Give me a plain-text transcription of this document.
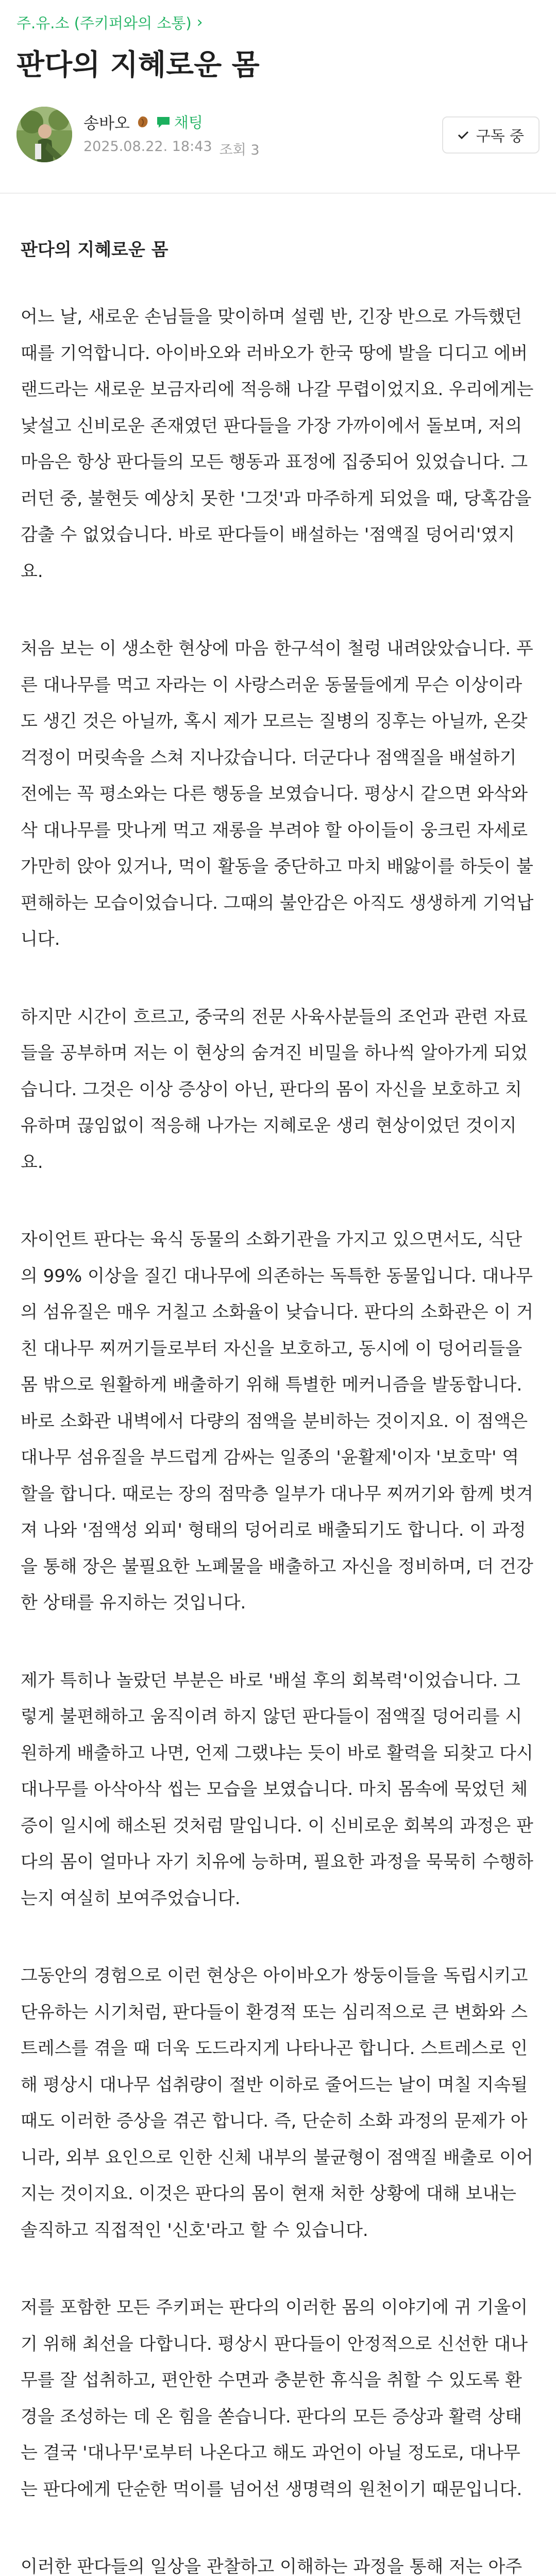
주.유.소 (주키퍼와의 소통) ›
판다의 지혜로운 몸
송바오	채팅
2025.08.22. 18:43 조회 3
구독 중

판다의 지혜로운 몸

어느 날, 새로운 손님들을 맞이하며 설렘 반, 긴장 반으로 가득했던 때를 기억합니다. 아이바오와 러바오가 한국 땅에 발을 디디고 에버랜드라는 새로운 보금자리에 적응해 나갈 무렵이었지요. 우리에게는 낯설고 신비로운 존재였던 판다들을 가장 가까이에서 돌보며, 저의 마음은 항상 판다들의 모든 행동과 표정에 집중되어 있었습니다. 그러던 중, 불현듯 예상치 못한 '그것'과 마주하게 되었을 때, 당혹감을 감출 수 없었습니다. 바로 판다들이 배설하는 '점액질 덩어리'였지요.

처음 보는 이 생소한 현상에 마음 한구석이 철렁 내려앉았습니다. 푸른 대나무를 먹고 자라는 이 사랑스러운 동물들에게 무슨 이상이라도 생긴 것은 아닐까, 혹시 제가 모르는 질병의 징후는 아닐까, 온갖 걱정이 머릿속을 스쳐 지나갔습니다. 더군다나 점액질을 배설하기 전에는 꼭 평소와는 다른 행동을 보였습니다. 평상시 같으면 와삭와삭 대나무를 맛나게 먹고 재롱을 부려야 할 아이들이 웅크린 자세로 가만히 앉아 있거나, 먹이 활동을 중단하고 마치 배앓이를 하듯이 불편해하는 모습이었습니다. 그때의 불안감은 아직도 생생하게 기억납니다.

하지만 시간이 흐르고, 중국의 전문 사육사분들의 조언과 관련 자료들을 공부하며 저는 이 현상의 숨겨진 비밀을 하나씩 알아가게 되었습니다. 그것은 이상 증상이 아닌, 판다의 몸이 자신을 보호하고 치유하며 끊임없이 적응해 나가는 지혜로운 생리 현상이었던 것이지요.

자이언트 판다는 육식 동물의 소화기관을 가지고 있으면서도, 식단의 99% 이상을 질긴 대나무에 의존하는 독특한 동물입니다. 대나무의 섬유질은 매우 거칠고 소화율이 낮습니다. 판다의 소화관은 이 거친 대나무 찌꺼기들로부터 자신을 보호하고, 동시에 이 덩어리들을 몸 밖으로 원활하게 배출하기 위해 특별한 메커니즘을 발동합니다. 바로 소화관 내벽에서 다량의 점액을 분비하는 것이지요. 이 점액은 대나무 섬유질을 부드럽게 감싸는 일종의 '윤활제'이자 '보호막' 역할을 합니다. 때로는 장의 점막층 일부가 대나무 찌꺼기와 함께 벗겨져 나와 '점액성 외피' 형태의 덩어리로 배출되기도 합니다. 이 과정을 통해 장은 불필요한 노폐물을 배출하고 자신을 정비하며, 더 건강한 상태를 유지하는 것입니다.

제가 특히나 놀랐던 부분은 바로 '배설 후의 회복력'이었습니다. 그렇게 불편해하고 움직이려 하지 않던 판다들이 점액질 덩어리를 시원하게 배출하고 나면, 언제 그랬냐는 듯이 바로 활력을 되찾고 다시 대나무를 아삭아삭 씹는 모습을 보였습니다. 마치 몸속에 묵었던 체증이 일시에 해소된 것처럼 말입니다. 이 신비로운 회복의 과정은 판다의 몸이 얼마나 자기 치유에 능하며, 필요한 과정을 묵묵히 수행하는지 여실히 보여주었습니다.

그동안의 경험으로 이런 현상은 아이바오가 쌍둥이들을 독립시키고 단유하는 시기처럼, 판다들이 환경적 또는 심리적으로 큰 변화와 스트레스를 겪을 때 더욱 도드라지게 나타나곤 합니다. 스트레스로 인해 평상시 대나무 섭취량이 절반 이하로 줄어드는 날이 며칠 지속될 때도 이러한 증상을 겪곤 합니다. 즉, 단순히 소화 과정의 문제가 아니라, 외부 요인으로 인한 신체 내부의 불균형이 점액질 배출로 이어지는 것이지요. 이것은 판다의 몸이 현재 처한 상황에 대해 보내는 솔직하고 직접적인 '신호'라고 할 수 있습니다.

저를 포함한 모든 주키퍼는 판다의 이러한 몸의 이야기에 귀 기울이기 위해 최선을 다합니다. 평상시 판다들이 안정적으로 신선한 대나무를 잘 섭취하고, 편안한 수면과 충분한 휴식을 취할 수 있도록 환경을 조성하는 데 온 힘을 쏟습니다. 판다의 모든 증상과 활력 상태는 결국 '대나무'로부터 나온다고 해도 과언이 아닐 정도로, 대나무는 판다에게 단순한 먹이를 넘어선 생명력의 원천이기 때문입니다.

이러한 판다들의 일상을 관찰하고 이해하는 과정을 통해 저는 아주
